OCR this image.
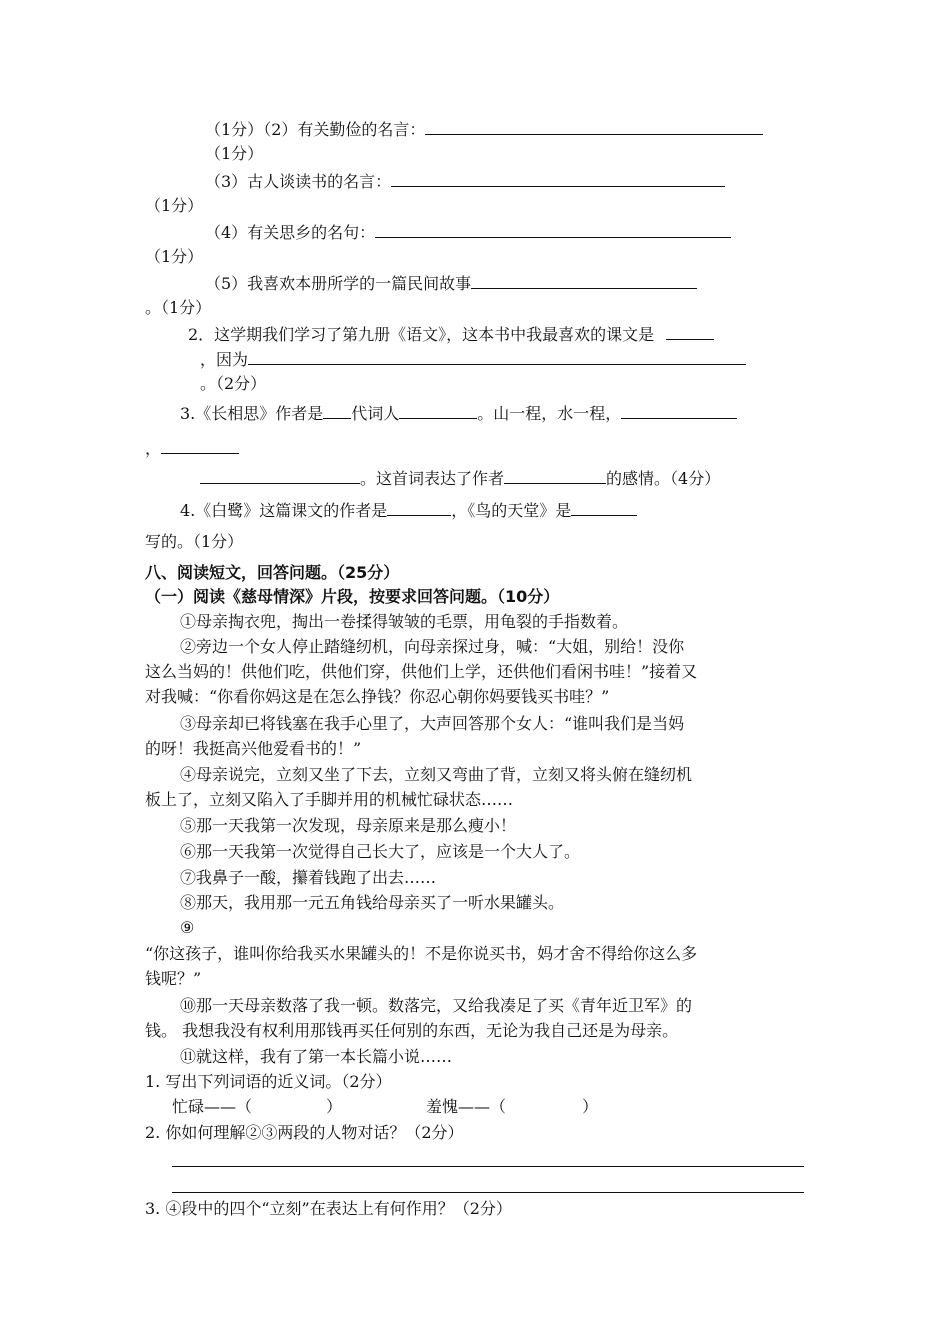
（1分）（2）有关勤俭的名言：
（1分）
（3）古人谈读书的名言：
（1分）
（4）有关思乡的名句：
（1分）
（5）我喜欢本册所学的一篇民间故事
。（1分）
2．这学期我们学习了第九册《语文》，这本书中我最喜欢的课文是
，因为
。（2分）
3.《长相思》作者是 代词人	。山一程，水一程，
，
。这首词表达了作者	的感情。（4分）
4.《白鹭》这篇课文的作者是	，《鸟的天堂》是
写的。（1分）
八、阅读短文，回答问题。（25分）
（一）阅读《慈母情深》片段，按要求回答问题。（10分）
①母亲掏衣兜，掏出一卷揉得皱皱的毛票，用龟裂的手指数着。
②旁边一个女人停止踏缝纫机，向母亲探过身，喊：“大姐，别给！没你
这么当妈的！供他们吃，供他们穿，供他们上学，还供他们看闲书哇！”接着又
对我喊：“你看你妈这是在怎么挣钱？你忍心朝你妈要钱买书哇？”
③母亲却已将钱塞在我手心里了，大声回答那个女人：“谁叫我们是当妈
的呀！我挺高兴他爱看书的！”
④母亲说完，立刻又坐了下去，立刻又弯曲了背，立刻又将头俯在缝纫机
板上了，立刻又陷入了手脚并用的机械忙碌状态……
⑤那一天我第一次发现，母亲原来是那么瘦小！
⑥那一天我第一次觉得自己长大了，应该是一个大人了。
⑦我鼻子一酸，攥着钱跑了出去……
⑧那天，我用那一元五角钱给母亲买了一听水果罐头。
⑨
“你这孩子，谁叫你给我买水果罐头的！不是你说买书，妈才舍不得给你这么多
钱呢？”
⑩那一天母亲数落了我一顿。数落完，又给我凑足了买《青年近卫军》的
钱。 我想我没有权利用那钱再买任何别的东西，无论为我自己还是为母亲。
⑪就这样，我有了第一本长篇小说……
1. 写出下列词语的近义词。（2分）
忙碌——（	）	羞愧——（	）
2. 你如何理解②③两段的人物对话？（2分）
3. ④段中的四个“立刻”在表达上有何作用？（2分）
